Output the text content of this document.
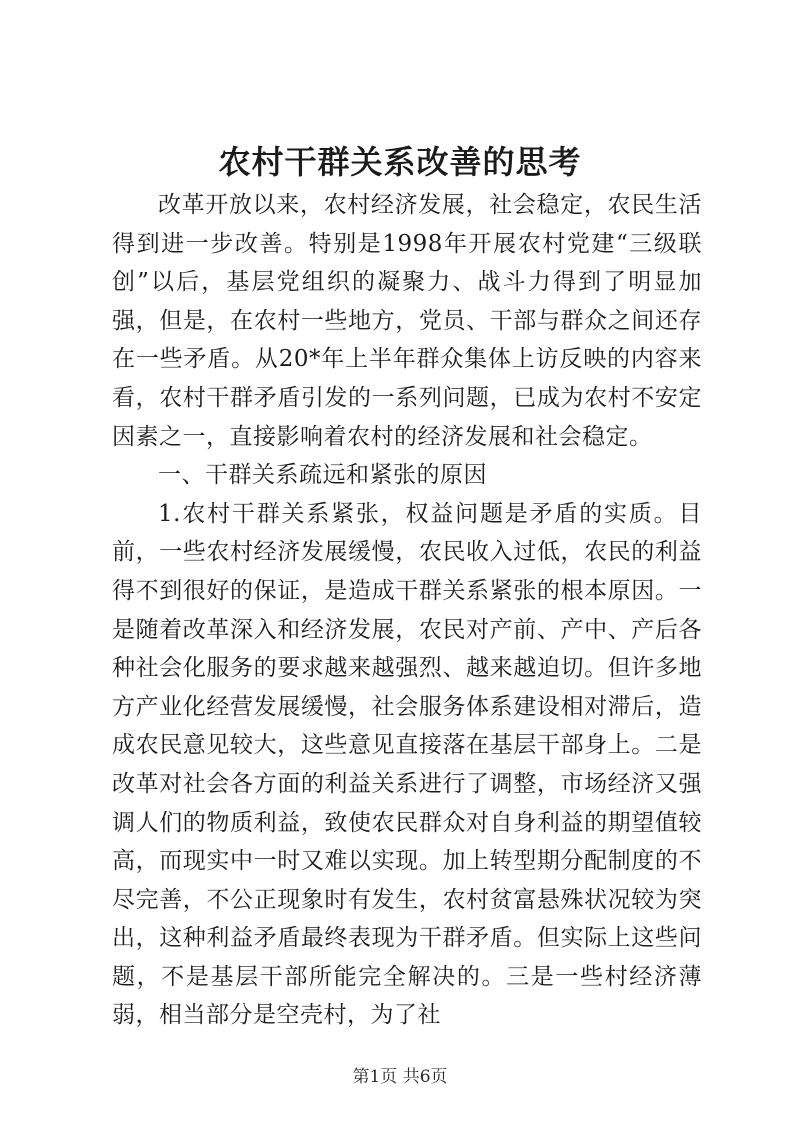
农村干群关系改善的思考

改革开放以来，农村经济发展，社会稳定，农民生活得到进一步改善。特别是1998年开展农村党建“三级联创”以后，基层党组织的凝聚力、战斗力得到了明显加强，但是，在农村一些地方，党员、干部与群众之间还存在一些矛盾。从20*年上半年群众集体上访反映的内容来看，农村干群矛盾引发的一系列问题，已成为农村不安定因素之一，直接影响着农村的经济发展和社会稳定。

一、干群关系疏远和紧张的原因

1.农村干群关系紧张，权益问题是矛盾的实质。目前，一些农村经济发展缓慢，农民收入过低，农民的利益得不到很好的保证，是造成干群关系紧张的根本原因。一是随着改革深入和经济发展，农民对产前、产中、产后各种社会化服务的要求越来越强烈、越来越迫切。但许多地方产业化经营发展缓慢，社会服务体系建设相对滞后，造成农民意见较大，这些意见直接落在基层干部身上。二是改革对社会各方面的利益关系进行了调整，市场经济又强调人们的物质利益，致使农民群众对自身利益的期望值较高，而现实中一时又难以实现。加上转型期分配制度的不尽完善，不公正现象时有发生，农村贫富悬殊状况较为突出，这种利益矛盾最终表现为干群矛盾。但实际上这些问题，不是基层干部所能完全解决的。三是一些村经济薄弱，相当部分是空壳村，为了社

第1页 共6页
